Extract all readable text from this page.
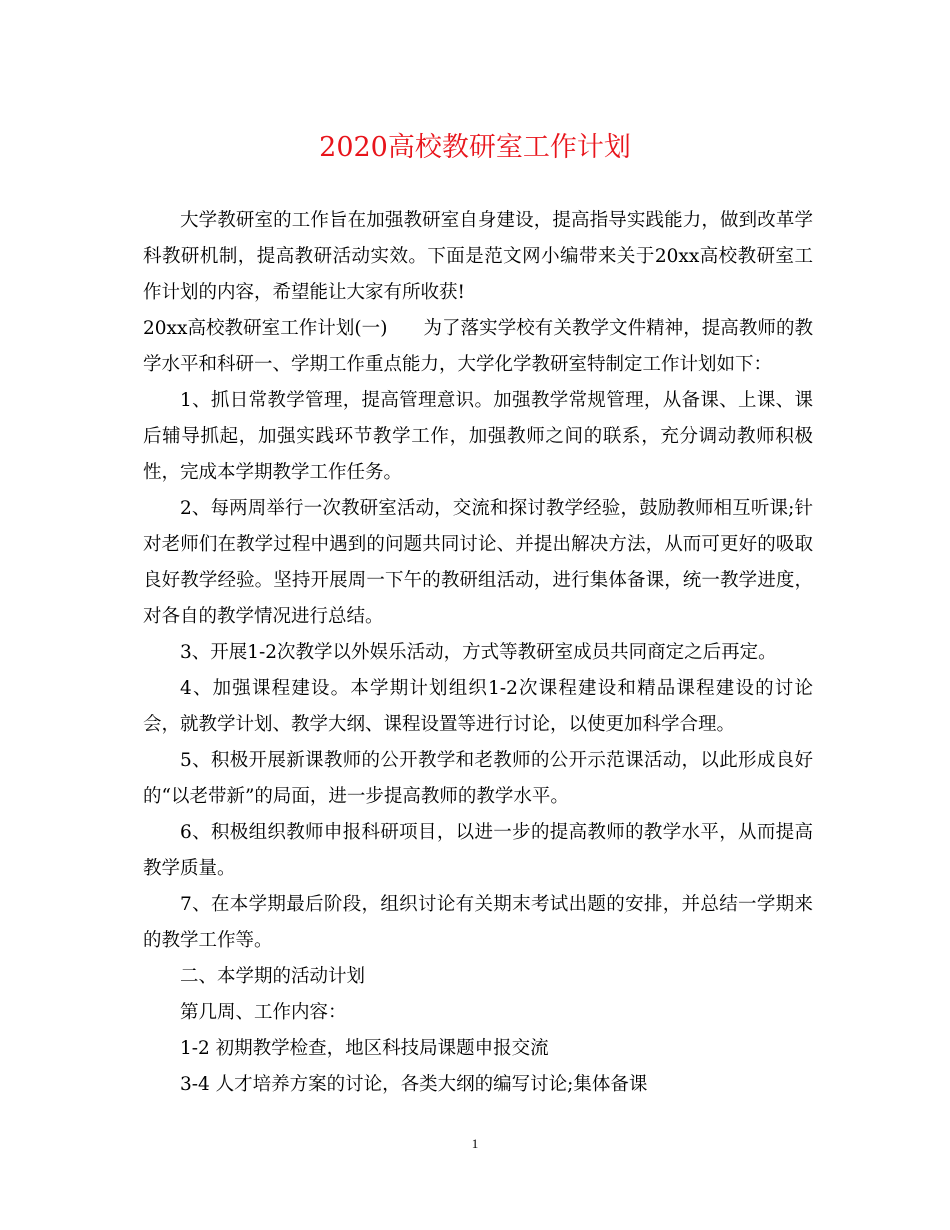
2020高校教研室工作计划

大学教研室的工作旨在加强教研室自身建设，提高指导实践能力，做到改革学科教研机制，提高教研活动实效。下面是范文网小编带来关于20xx高校教研室工作计划的内容，希望能让大家有所收获!

20xx高校教研室工作计划(一) 为了落实学校有关教学文件精神，提高教师的教学水平和科研一、学期工作重点能力，大学化学教研室特制定工作计划如下：

1、抓日常教学管理，提高管理意识。加强教学常规管理，从备课、上课、课后辅导抓起，加强实践环节教学工作，加强教师之间的联系，充分调动教师积极性，完成本学期教学工作任务。

2、每两周举行一次教研室活动，交流和探讨教学经验，鼓励教师相互听课;针对老师们在教学过程中遇到的问题共同讨论、并提出解决方法，从而可更好的吸取良好教学经验。坚持开展周一下午的教研组活动，进行集体备课，统一教学进度，对各自的教学情况进行总结。

3、开展1-2次教学以外娱乐活动，方式等教研室成员共同商定之后再定。

4、加强课程建设。本学期计划组织1-2次课程建设和精品课程建设的讨论会，就教学计划、教学大纲、课程设置等进行讨论，以使更加科学合理。

5、积极开展新课教师的公开教学和老教师的公开示范课活动，以此形成良好的“以老带新”的局面，进一步提高教师的教学水平。

6、积极组织教师申报科研项目，以进一步的提高教师的教学水平，从而提高教学质量。

7、在本学期最后阶段，组织讨论有关期末考试出题的安排，并总结一学期来的教学工作等。

二、本学期的活动计划

第几周、工作内容：

1-2 初期教学检查，地区科技局课题申报交流

3-4 人才培养方案的讨论，各类大纲的编写讨论;集体备课

1
